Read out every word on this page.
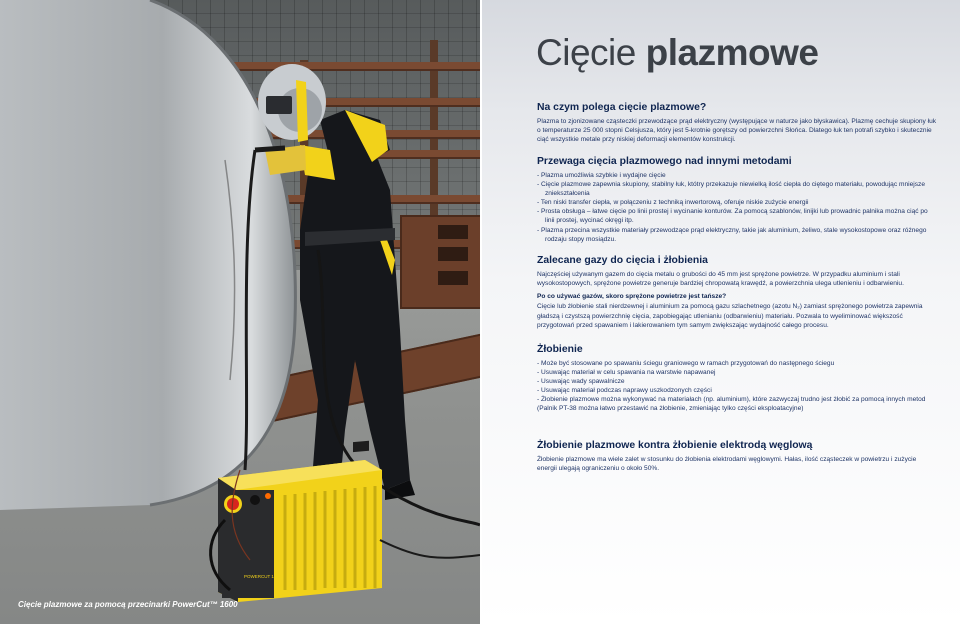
ESAB
POWERCUT 1600

Cięcie plazmowe za pomocą przecinarki PowerCut™ 1600

Cięcie plazmowe
Na czym polega cięcie plazmowe?

Plazma to zjonizowane cząsteczki przewodzące prąd elektryczny (występujące w naturze jako błyskawica). Plazmę cechuje skupiony łuk o temperaturze 25 000 stopni Celsjusza, który jest 5-krotnie gorętszy od powierzchni Słońca. Dlatego łuk ten potrafi szybko i skutecznie ciąć wszystkie metale przy niskiej deformacji elementów konstrukcji.

Przewaga cięcia plazmowego nad innymi metodami
- Plazma umożliwia szybkie i wydajne cięcie
- Cięcie plazmowe zapewnia skupiony, stabilny łuk, któtry przekazuje niewielką ilość ciepła do ciętego materiału, powodując mniejsze zniekształcenia
- Ten niski transfer ciepła, w połączeniu z techniką inwertorową, oferuje niskie zużycie energii
- Prosta obsługa – łatwe cięcie po linii prostej i wycinanie konturów. Za pomocą szablonów, linijki lub prowadnic palnika można ciąć po linii prostej, wycinać okręgi itp.
- Plazma przecina wszystkie materiały przewodzące prąd elektryczny, takie jak aluminium, żeliwo, stale wysokostopowe oraz różnego rodzaju stopy mosiądzu.
Zalecane gazy do cięcia i żłobienia

Najczęściej używanym gazem do cięcia metalu o grubości do 45 mm jest sprężone powietrze. W przypadku aluminium i stali wysokostopowych, sprężone powietrze generuje bardziej chropowatą krawędź, a powierzchnia ulega utlenieniu i odbarwieniu.

Po co używać gazów, skoro sprężone powietrze jest tańsze?

Cięcie lub żłobienie stali nierdzewnej i aluminium za pomocą gazu szlachetnego (azotu N₂) zamiast sprężonego powietrza zapewnia gładszą i czystszą powierzchnię cięcia, zapobiegając utlenianiu (odbarwieniu) materiału. Pozwala to wyeliminować większość przygotowań przed spawaniem i lakierowaniem tym samym zwiększając wydajność całego procesu.

Żłobienie
- Może być stosowane po spawaniu ściegu graniowego w ramach przygotowań do następnego ściegu
- Usuwając materiał w celu spawania na warstwie napawanej
- Usuwając wady spawalnicze
- Usuwając materiał podczas naprawy uszkodzonych części
- Żłobienie plazmowe można wykonywać na materiałach (np. aluminium), które zazwyczaj trudno jest żłobić za pomocą innych metod

(Palnik PT-38 można łatwo przestawić na żłobienie, zmieniając tylko części eksploatacyjne)

Żłobienie plazmowe kontra żłobienie elektrodą węglową

Żłobienie plazmowe ma wiele zalet w stosunku do żłobienia elektrodami węglowymi. Hałas, ilość cząsteczek w powietrzu i zużycie energii ulegają ograniczeniu o około 50%.
